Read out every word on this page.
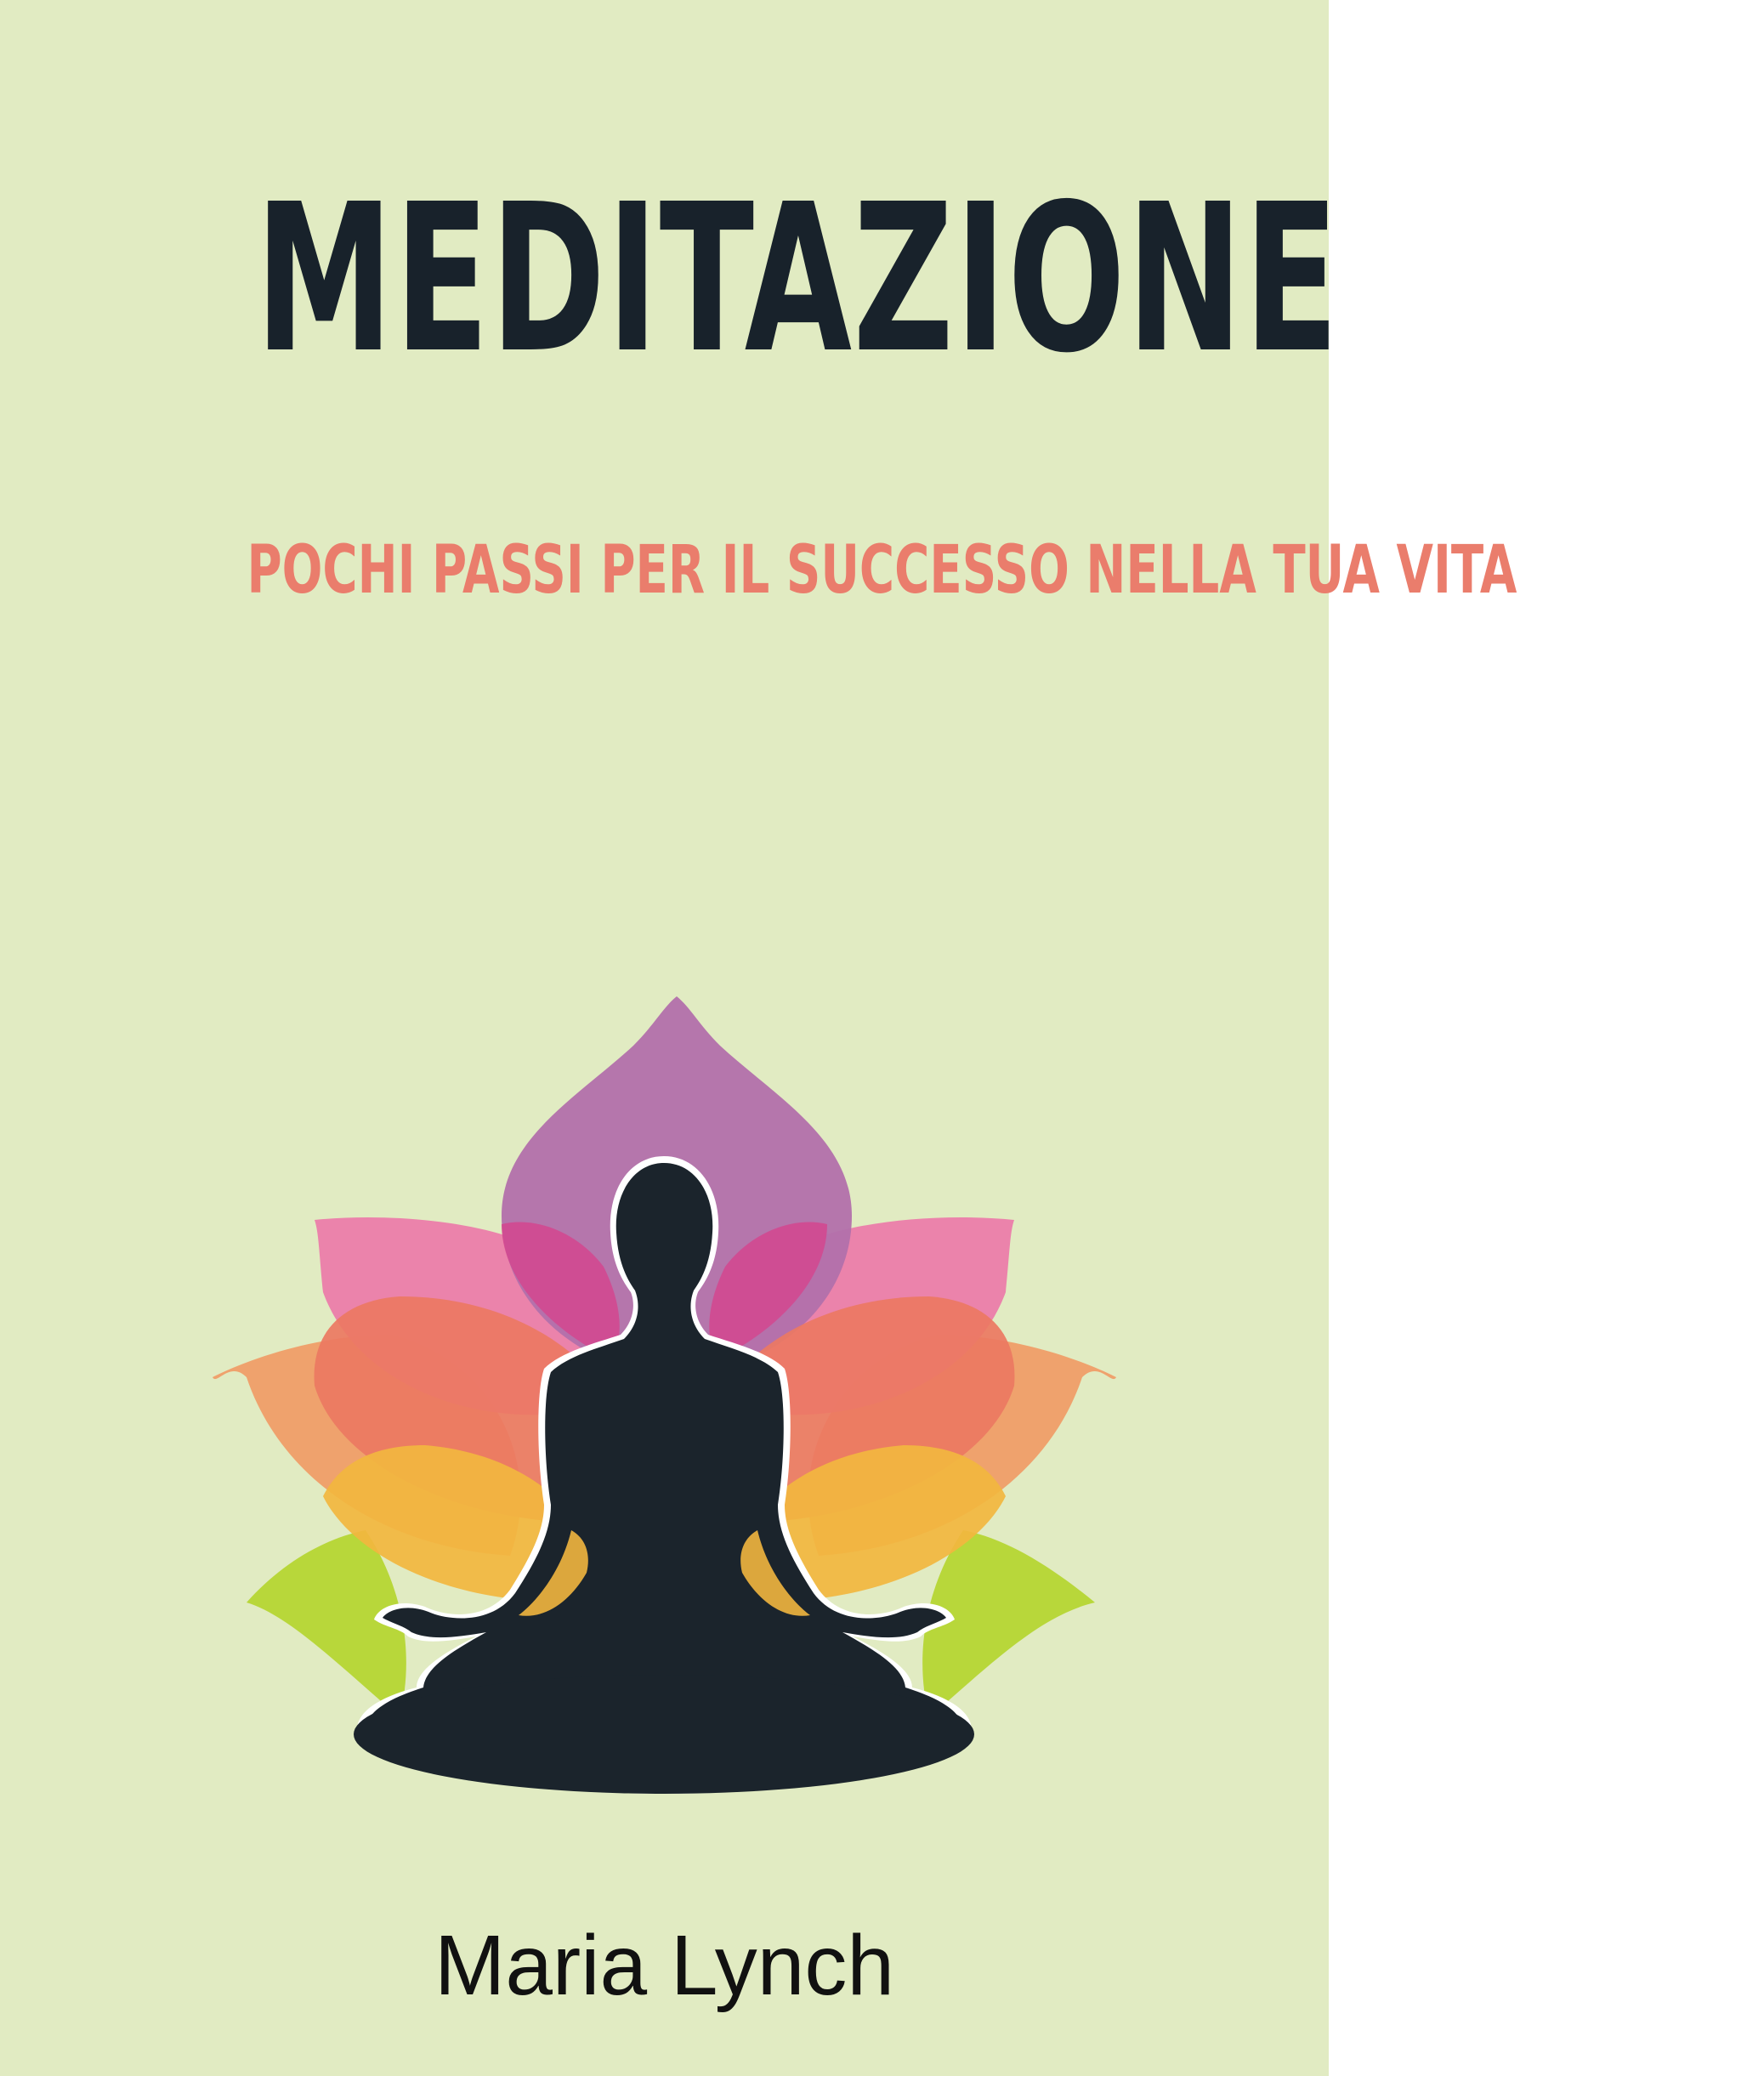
MEDITAZIONE
POCHI PASSI PER IL SUCCESSO NELLA TUA VITA
Maria Lynch
